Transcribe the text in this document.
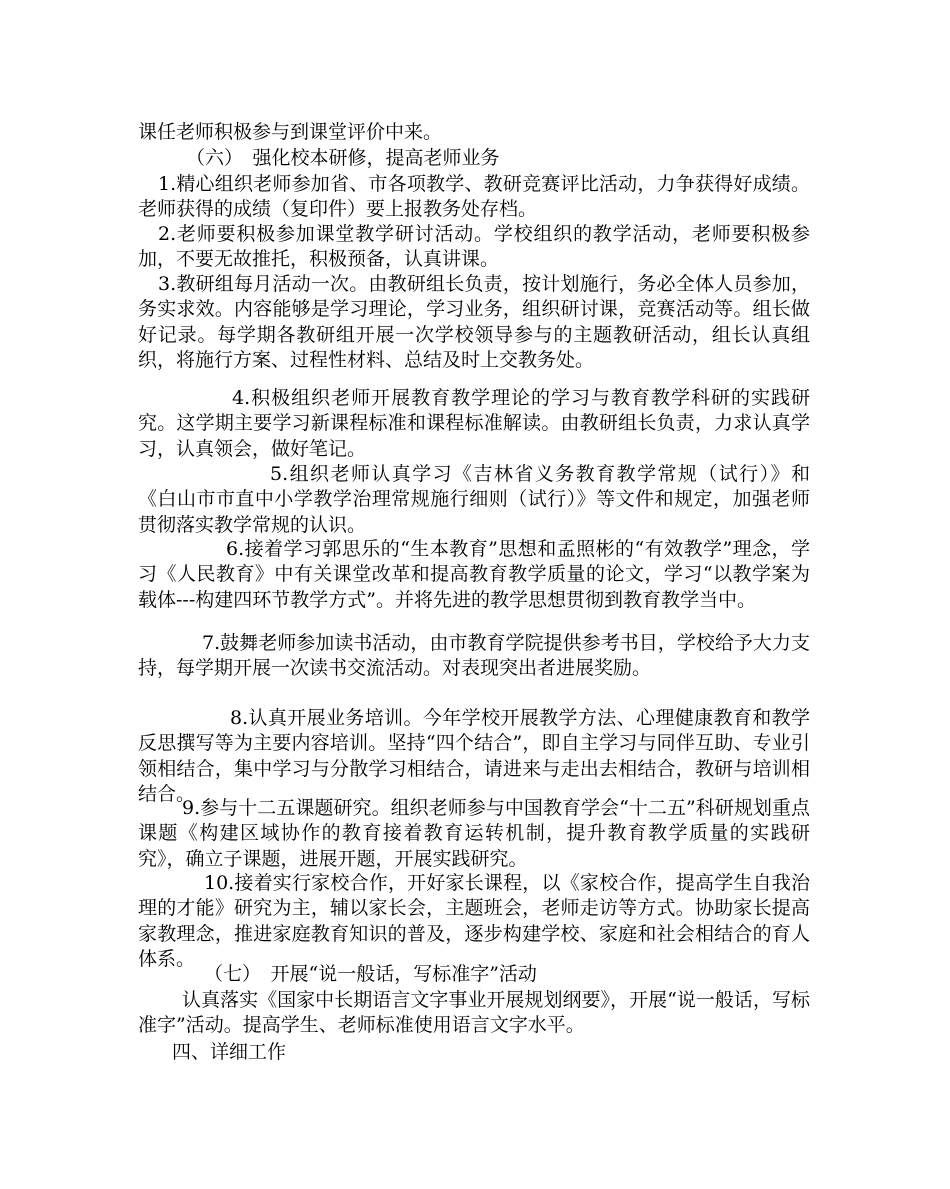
课任老师积极参与到课堂评价中来。

（六）　强化校本研修，提高老师业务

1.精心组织老师参加省、市各项教学、教研竞赛评比活动，力争获得好成绩。老师获得的成绩（复印件）要上报教务处存档。

2.老师要积极参加课堂教学研讨活动。学校组织的教学活动，老师要积极参加，不要无故推托，积极预备，认真讲课。

3.教研组每月活动一次。由教研组长负责，按计划施行，务必全体人员参加，务实求效。内容能够是学习理论，学习业务，组织研讨课，竞赛活动等。组长做好记录。每学期各教研组开展一次学校领导参与的主题教研活动，组长认真组织，将施行方案、过程性材料、总结及时上交教务处。

4.积极组织老师开展教育教学理论的学习与教育教学科研的实践研究。这学期主要学习新课程标准和课程标准解读。由教研组长负责，力求认真学习，认真领会，做好笔记。

5.组织老师认真学习《吉林省义务教育教学常规（试行）》和《白山市市直中小学教学治理常规施行细则（试行）》等文件和规定，加强老师贯彻落实教学常规的认识。

6.接着学习郭思乐的“生本教育”思想和孟照彬的“有效教学”理念，学习《人民教育》中有关课堂改革和提高教育教学质量的论文，学习“以教学案为载体---构建四环节教学方式”。并将先进的教学思想贯彻到教育教学当中。

7.鼓舞老师参加读书活动，由市教育学院提供参考书目，学校给予大力支持，每学期开展一次读书交流活动。对表现突出者进展奖励。

8.认真开展业务培训。今年学校开展教学方法、心理健康教育和教学反思撰写等为主要内容培训。坚持“四个结合”，即自主学习与同伴互助、专业引领相结合，集中学习与分散学习相结合，请进来与走出去相结合，教研与培训相结合。

9.参与十二五课题研究。组织老师参与中国教育学会“十二五”科研规划重点课题《构建区域协作的教育接着教育运转机制，提升教育教学质量的实践研究》，确立子课题，进展开题，开展实践研究。

10.接着实行家校合作，开好家长课程，以《家校合作，提高学生自我治理的才能》研究为主，辅以家长会，主题班会，老师走访等方式。协助家长提高家教理念，推进家庭教育知识的普及，逐步构建学校、家庭和社会相结合的育人体系。

（七）　开展“说一般话，写标准字”活动

认真落实《国家中长期语言文字事业开展规划纲要》，开展“说一般话，写标准字”活动。提高学生、老师标准使用语言文字水平。

四、详细工作
